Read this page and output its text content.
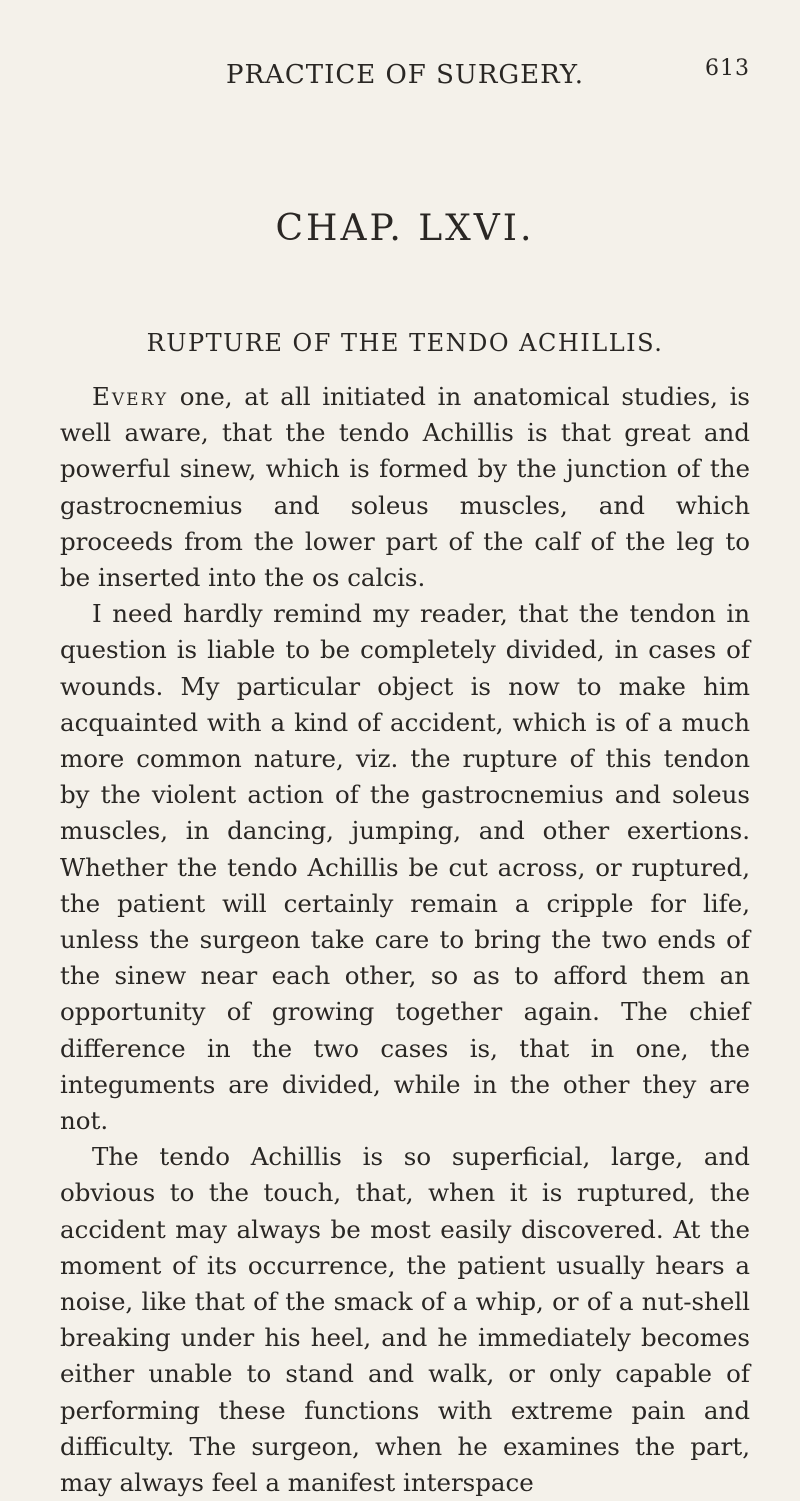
PRACTICE OF SURGERY.	613
CHAP. LXVI.
RUPTURE OF THE TENDO ACHILLIS.

Every one, at all initiated in anatomical studies, is well aware, that the tendo Achillis is that great and powerful sinew, which is formed by the junction of the gastrocnemius and soleus muscles, and which proceeds from the lower part of the calf of the leg to be inserted into the os calcis.

I need hardly remind my reader, that the tendon in question is liable to be completely divided, in cases of wounds. My particular object is now to make him acquainted with a kind of accident, which is of a much more common nature, viz. the rupture of this tendon by the violent action of the gastrocnemius and soleus muscles, in dancing, jumping, and other exertions. Whether the tendo Achillis be cut across, or ruptured, the patient will certainly remain a cripple for life, unless the surgeon take care to bring the two ends of the sinew near each other, so as to afford them an opportunity of growing together again. The chief difference in the two cases is, that in one, the integuments are divided, while in the other they are not.

The tendo Achillis is so superficial, large, and obvious to the touch, that, when it is ruptured, the accident may always be most easily discovered. At the moment of its occurrence, the patient usually hears a noise, like that of the smack of a whip, or of a nut-shell breaking under his heel, and he immediately becomes either unable to stand and walk, or only capable of performing these functions with extreme pain and difficulty. The surgeon, when he examines the part, may always feel a manifest interspace
